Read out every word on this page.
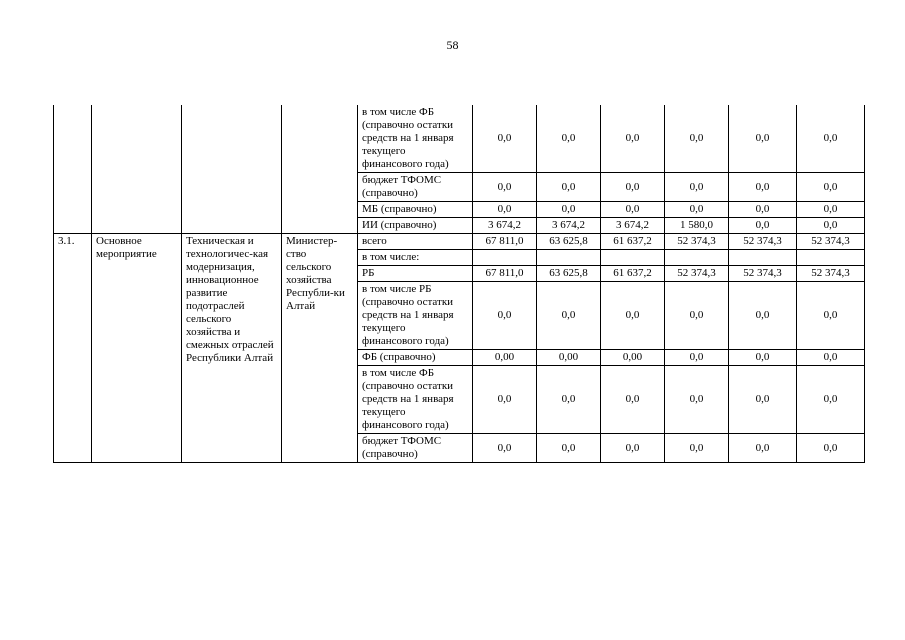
58
				в том числе ФБ (справочно остатки средств на 1 января текущего финансового года)	0,0	0,0	0,0	0,0	0,0	0,0
				бюджет ТФОМС (справочно)	0,0	0,0	0,0	0,0	0,0	0,0
				МБ (справочно)	0,0	0,0	0,0	0,0	0,0	0,0
				ИИ (справочно)	3 674,2	3 674,2	3 674,2	1 580,0	0,0	0,0
3.1.	Основное мероприятие	Техническая и технологичес-кая модернизация, инновационное развитие подотраслей сельского хозяйства и смежных отраслей Республики Алтай	Министер-ство сельского хозяйства Республи-ки Алтай	всего	67 811,0	63 625,8	61 637,2	52 374,3	52 374,3	52 374,3
				в том числе:						
				РБ	67 811,0	63 625,8	61 637,2	52 374,3	52 374,3	52 374,3
				в том числе РБ (справочно остатки средств на 1 января текущего финансового года)	0,0	0,0	0,0	0,0	0,0	0,0
				ФБ (справочно)	0,00	0,00	0,00	0,0	0,0	0,0
				в том числе ФБ (справочно остатки средств на 1 января текущего финансового года)	0,0	0,0	0,0	0,0	0,0	0,0
				бюджет ТФОМС (справочно)	0,0	0,0	0,0	0,0	0,0	0,0
